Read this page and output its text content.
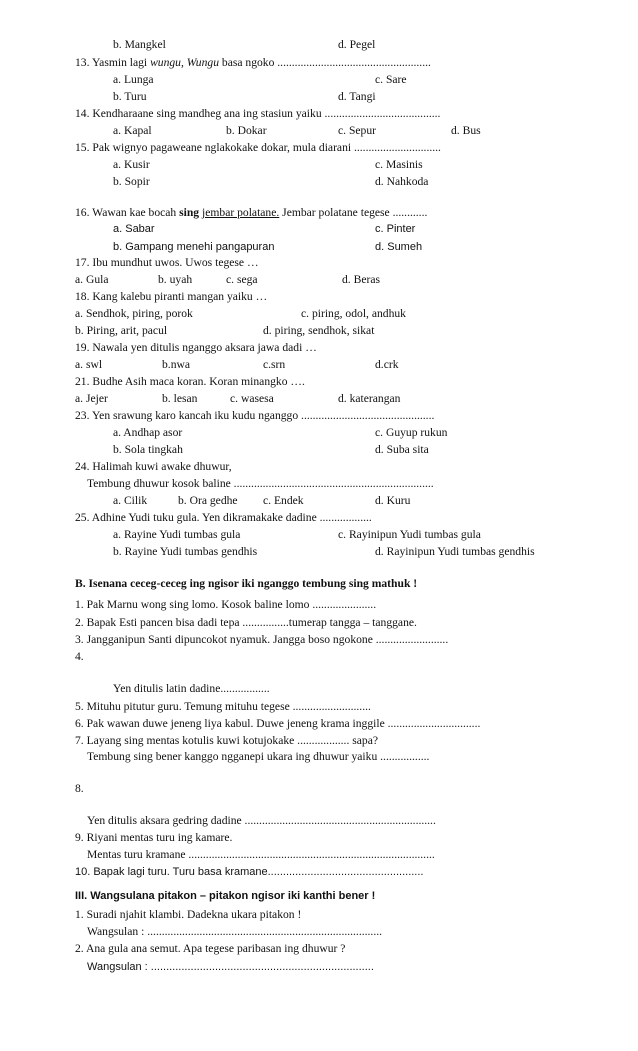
b. Mangkel	d. Pegel
13. Yasmin lagi wungu, Wungu basa ngoko .....................................................
a. Lunga	c. Sare
b. Turu	d. Tangi
14. Kendharaane sing mandheg ana ing stasiun yaiku ........................................
a. Kapal	b. Dokar	c. Sepur	d. Bus
15. Pak wignyo pagaweane nglakokake dokar, mula diarani ..............................
a. Kusir	c. Masinis
b. Sopir	d. Nahkoda
16. Wawan kae bocah sing jembar polatane. Jembar polatane tegese ............
a. Sabar	c. Pinter
b. Gampang menehi pangapuran	d. Sumeh
17. Ibu mundhut uwos. Uwos tegese …
a. Gula	b. uyah	c. sega	d. Beras
18. Kang kalebu piranti mangan yaiku …
a. Sendhok, piring, porok	c. piring, odol, andhuk
b. Piring, arit, pacul	d. piring, sendhok, sikat
19. Nawala yen ditulis nganggo aksara jawa dadi …
a. swl	b.nwa	c.srn	d.crk
21. Budhe Asih maca koran. Koran minangko ….
a. Jejer	b. lesan	c. wasesa	d. katerangan
23. Yen srawung karo kancah iku kudu nganggo ..............................................
a. Andhap asor	c. Guyup rukun
b. Sola tingkah	d. Suba sita
24. Halimah kuwi awake dhuwur,
Tembung dhuwur kosok baline .....................................................................
a. Cilik	b. Ora gedhe c. Endek	d. Kuru
25. Adhine Yudi tuku gula. Yen dikramakake dadine ..................
a. Rayine Yudi tumbas gula	c. Rayinipun Yudi tumbas gula
b. Rayine Yudi tumbas gendhis	d. Rayinipun Yudi tumbas gendhis
B. Isenana ceceg-ceceg ing ngisor iki nganggo tembung sing mathuk !
1. Pak Marnu wong sing lomo. Kosok baline lomo ......................
2. Bapak Esti pancen bisa dadi tepa ................tumerap tangga – tanggane.
3. Jangganipun Santi dipuncokot nyamuk. Jangga boso ngokone .........................
4.
Yen ditulis latin dadine.................
5. Mituhu pitutur guru. Temung mituhu tegese ...........................
6. Pak wawan duwe jeneng liya kabul. Duwe jeneng krama inggile ................................
7. Layang sing mentas kotulis kuwi kotujokake .................. sapa?
Tembung sing bener kanggo ngganepi ukara ing dhuwur yaiku .................
8.
Yen ditulis aksara gedring dadine ..................................................................
9. Riyani mentas turu ing kamare.
Mentas turu kramane .....................................................................................
10. Bapak lagi turu. Turu basa kramane...................................................
III. Wangsulana pitakon – pitakon ngisor iki kanthi bener !
1. Suradi njahit klambi. Dadekna ukara pitakon !
Wangsulan : .................................................................................
2. Ana gula ana semut. Apa tegese paribasan ing dhuwur ?
Wangsulan : .........................................................................
